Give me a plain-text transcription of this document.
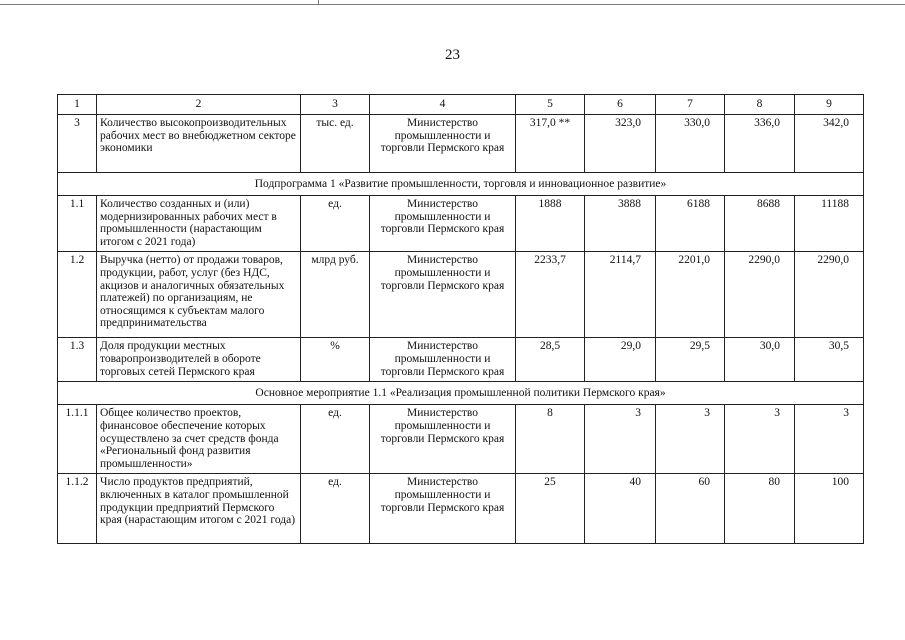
23
1	2	3	4	5	6	7	8	9
3	Количество высокопроизводительных рабочих мест во внебюджетном секторе экономики	тыс. ед.	Министерство промышленности и торговли Пермского края	317,0 **	323,0	330,0	336,0	342,0
Подпрограмма 1 «Развитие промышленности, торговля и инновационное развитие»								
1.1	Количество созданных и (или) модернизированных рабочих мест в промышленности (нарастающим итогом с 2021 года)	ед.	Министерство промышленности и торговли Пермского края	1888	3888	6188	8688	11188
1.2	Выручка (нетто) от продажи товаров, продукции, работ, услуг (без НДС, акцизов и аналогичных обязательных платежей) по организациям, не относящимся к субъектам малого предпринимательства	млрд руб.	Министерство промышленности и торговли Пермского края	2233,7	2114,7	2201,0	2290,0	2290,0
1.3	Доля продукции местных товаропроизводителей в обороте торговых сетей Пермского края	%	Министерство промышленности и торговли Пермского края	28,5	29,0	29,5	30,0	30,5
Основное мероприятие 1.1 «Реализация промышленной политики Пермского края»								
1.1.1	Общее количество проектов, финансовое обеспечение которых осуществлено за счет средств фонда «Региональный фонд развития промышленности»	ед.	Министерство промышленности и торговли Пермского края	8	3	3	3	3
1.1.2	Число продуктов предприятий, включенных в каталог промышленной продукции предприятий Пермского края (нарастающим итогом с 2021 года)	ед.	Министерство промышленности и торговли Пермского края	25	40	60	80	100
